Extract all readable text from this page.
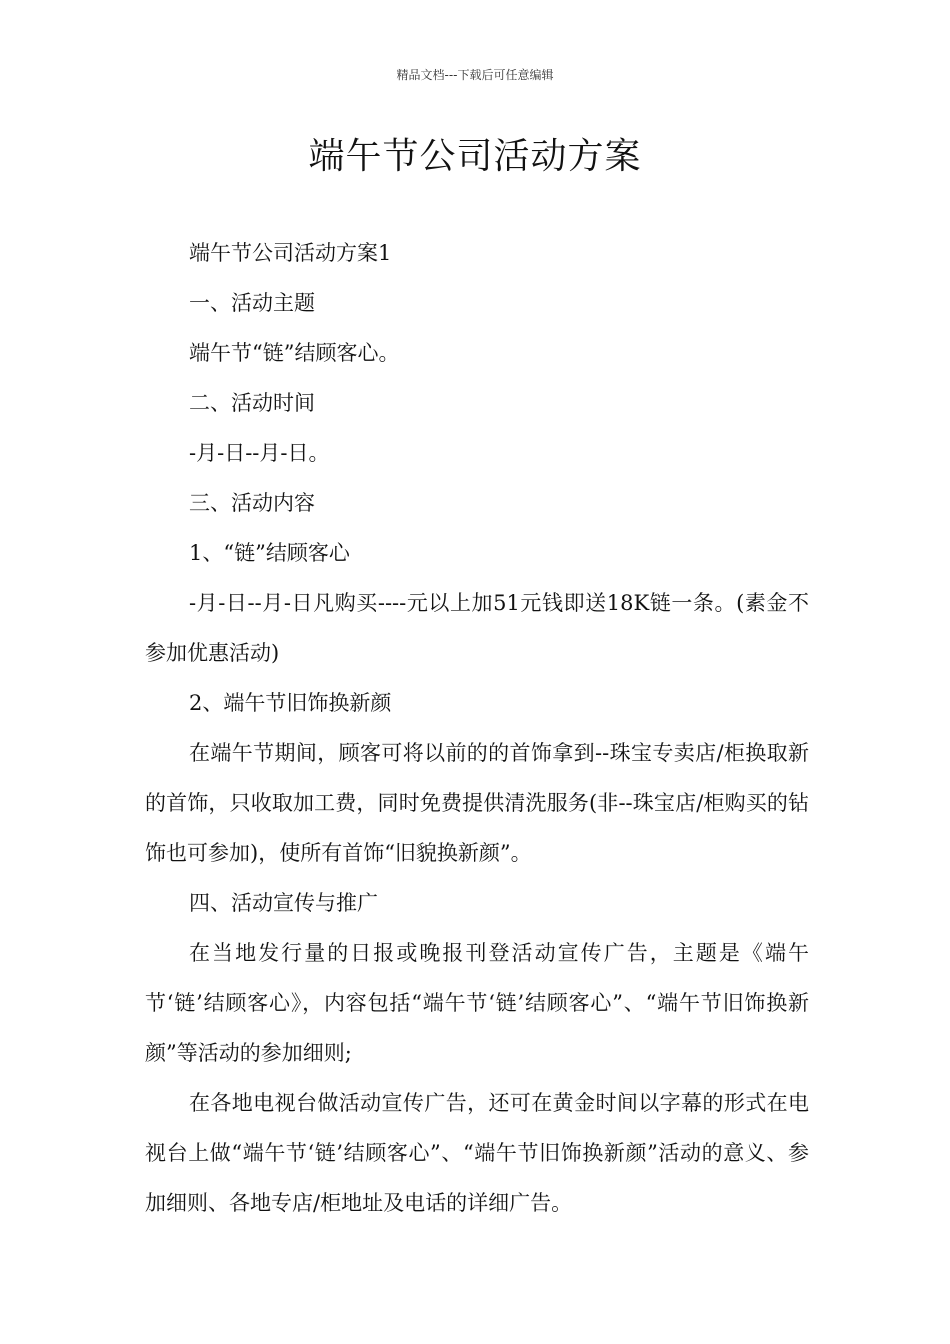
精品文档---下载后可任意编辑
端午节公司活动方案

端午节公司活动方案1

一、活动主题

端午节“链”结顾客心。

二、活动时间

-月-日--月-日。

三、活动内容

1、“链”结顾客心

-月-日--月-日凡购买----元以上加51元钱即送18K链一条。(素金不参加优惠活动)

2、端午节旧饰换新颜

在端午节期间，顾客可将以前的的首饰拿到--珠宝专卖店/柜换取新的首饰，只收取加工费，同时免费提供清洗服务(非--珠宝店/柜购买的钻饰也可参加)，使所有首饰“旧貌换新颜”。

四、活动宣传与推广

在当地发行量的日报或晚报刊登活动宣传广告，主题是《端午节‘链’结顾客心》，内容包括“端午节‘链’结顾客心”、“端午节旧饰换新颜”等活动的参加细则;

在各地电视台做活动宣传广告，还可在黄金时间以字幕的形式在电视台上做“端午节‘链’结顾客心”、“端午节旧饰换新颜”活动的意义、参加细则、各地专店/柜地址及电话的详细广告。
